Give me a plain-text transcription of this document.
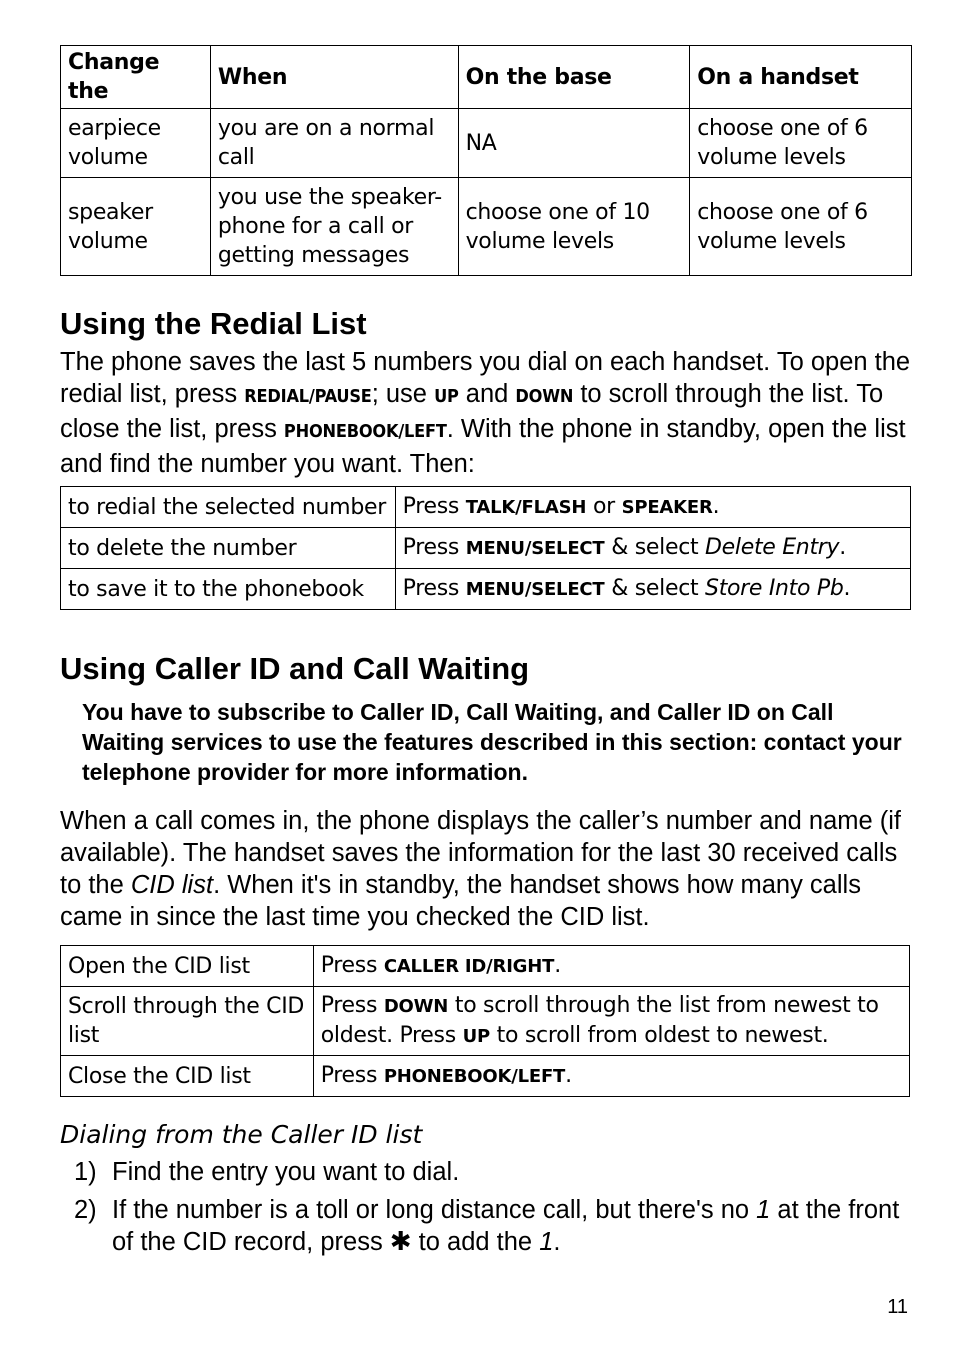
Change the	When	On the base	On a handset
earpiece volume	you are on a normal call	NA	choose one of 6 volume levels
speaker volume	you use the speaker-phone for a call or getting messages	choose one of 10 volume levels	choose one of 6 volume levels
Using the Redial List

The phone saves the last 5 numbers you dial on each handset. To open the redial list, press REDIAL/PAUSE; use UP and DOWN to scroll through the list. To close the list, press PHONEBOOK/LEFT. With the phone in standby, open the list and find the number you want. Then:

to redial the selected number	Press TALK/FLASH or SPEAKER.
to delete the number	Press MENU/SELECT & select Delete Entry.
to save it to the phonebook	Press MENU/SELECT & select Store Into Pb.
Using Caller ID and Call Waiting

You have to subscribe to Caller ID, Call Waiting, and Caller ID on Call Waiting services to use the features described in this section: contact your telephone provider for more information.

When a call comes in, the phone displays the caller’s number and name (if available). The handset saves the information for the last 30 received calls to the CID list. When it's in standby, the handset shows how many calls came in since the last time you checked the CID list.

Open the CID list	Press CALLER ID/RIGHT.
Scroll through the CID list	Press DOWN to scroll through the list from newest to oldest. Press UP to scroll from oldest to newest.
Close the CID list	Press PHONEBOOK/LEFT.

Dialing from the Caller ID list

1) Find the entry you want to dial.
2) If the number is a toll or long distance call, but there's no 1 at the front of the CID record, press ✱ to add the 1.
11
